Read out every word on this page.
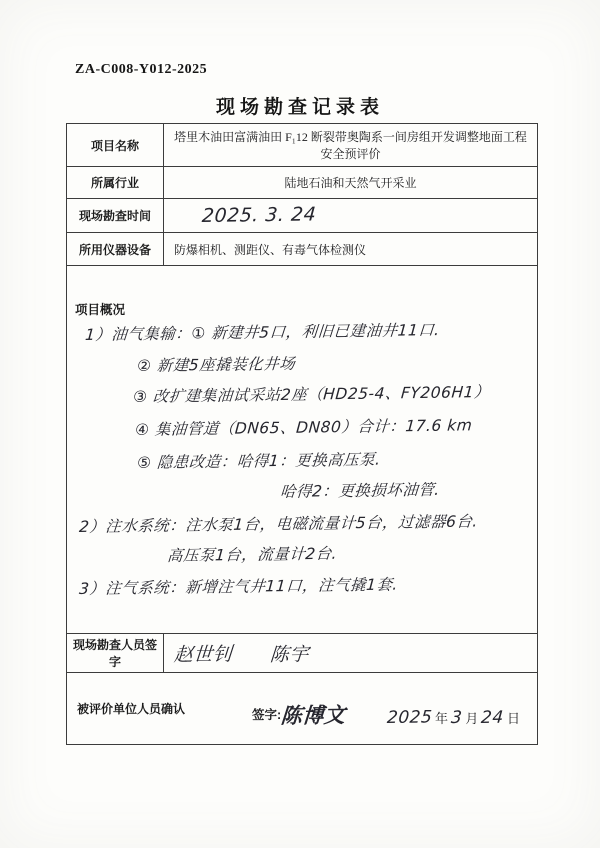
ZA-C008-Y012-2025
现场勘查记录表
项目名称	塔里木油田富满油田 F₁12 断裂带奥陶系一间房组开发调整地面工程
安全预评价

所属行业	陆地石油和天然气开采业
现场勘查时间	2025. 3. 24
所用仪器设备	防爆相机、测距仪、有毒气体检测仪

项目概况
1）油气集输：① 新建井5口，利旧已建油井11口.
② 新建5座撬装化井场
③ 改扩建集油试采站2座（HD25-4、FY206H1）
④ 集油管道（DN65、DN80）合计：17.6 km
⑤ 隐患改造：哈得1：更换高压泵.
哈得2：更换损坏油管.
2）注水系统：注水泵1台，电磁流量计5台，过滤器6台.
高压泵1台，流量计2台.
3）注气系统：新增注气井11口，注气撬1套.

现场勘查人员签字	赵世钊 陈宇

被评价单位人员确认 签字:陈博文 2025 年 3 月 24 日	
